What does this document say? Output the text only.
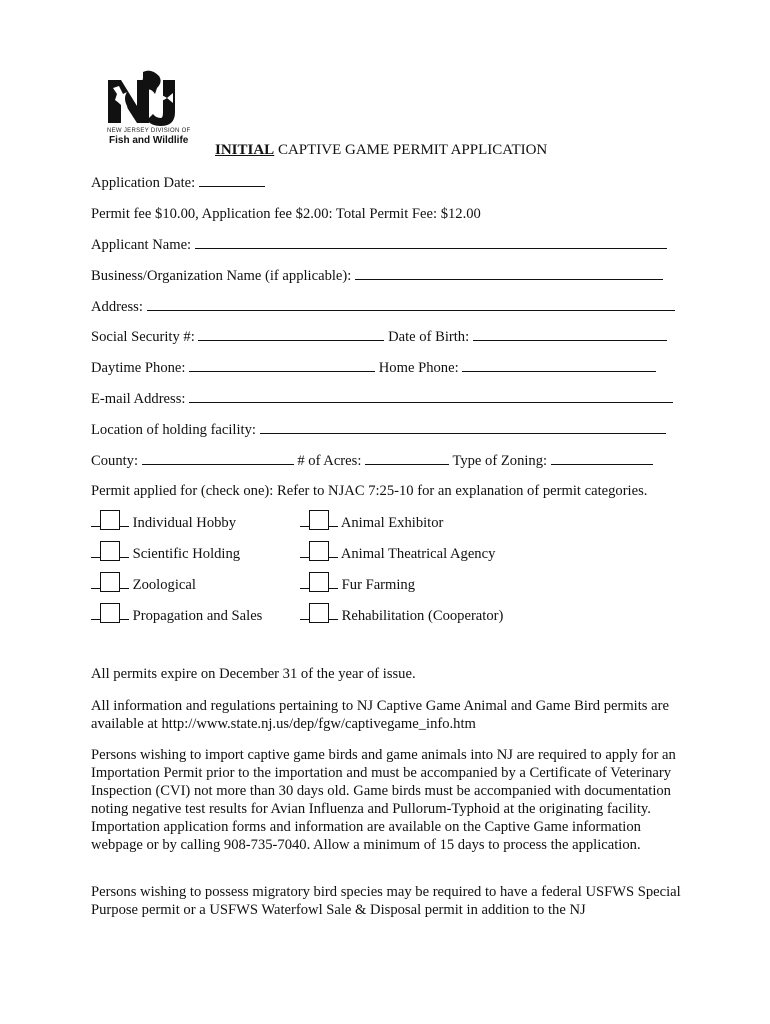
NEW JERSEY DIVISION OF
Fish and Wildlife
INITIAL CAPTIVE GAME PERMIT APPLICATION
Application Date:
Permit fee $10.00, Application fee $2.00: Total Permit Fee: $12.00
Applicant Name:
Business/Organization Name (if applicable):
Address:
Social Security #:	Date of Birth:
Daytime Phone:	Home Phone:
E-mail Address:
Location of holding facility:
County:	# of Acres:	Type of Zoning:
Permit applied for (check one): Refer to NJAC 7:25-10 for an explanation of permit categories.
Individual Hobby	Animal Exhibitor
Scientific Holding	Animal Theatrical Agency
Zoological	Fur Farming
Propagation and Sales	Rehabilitation (Cooperator)
All permits expire on December 31 of the year of issue.
All information and regulations pertaining to NJ Captive Game Animal and Game Bird permits are available at http://www.state.nj.us/dep/fgw/captivegame_info.htm
Persons wishing to import captive game birds and game animals into NJ are required to apply for an Importation Permit prior to the importation and must be accompanied by a Certificate of Veterinary Inspection (CVI) not more than 30 days old. Game birds must be accompanied with documentation noting negative test results for Avian Influenza and Pullorum-Typhoid at the originating facility. Importation application forms and information are available on the Captive Game information webpage or by calling 908-735-7040. Allow a minimum of 15 days to process the application.
Persons wishing to possess migratory bird species may be required to have a federal USFWS Special Purpose permit or a USFWS Waterfowl Sale & Disposal permit in addition to the NJ
